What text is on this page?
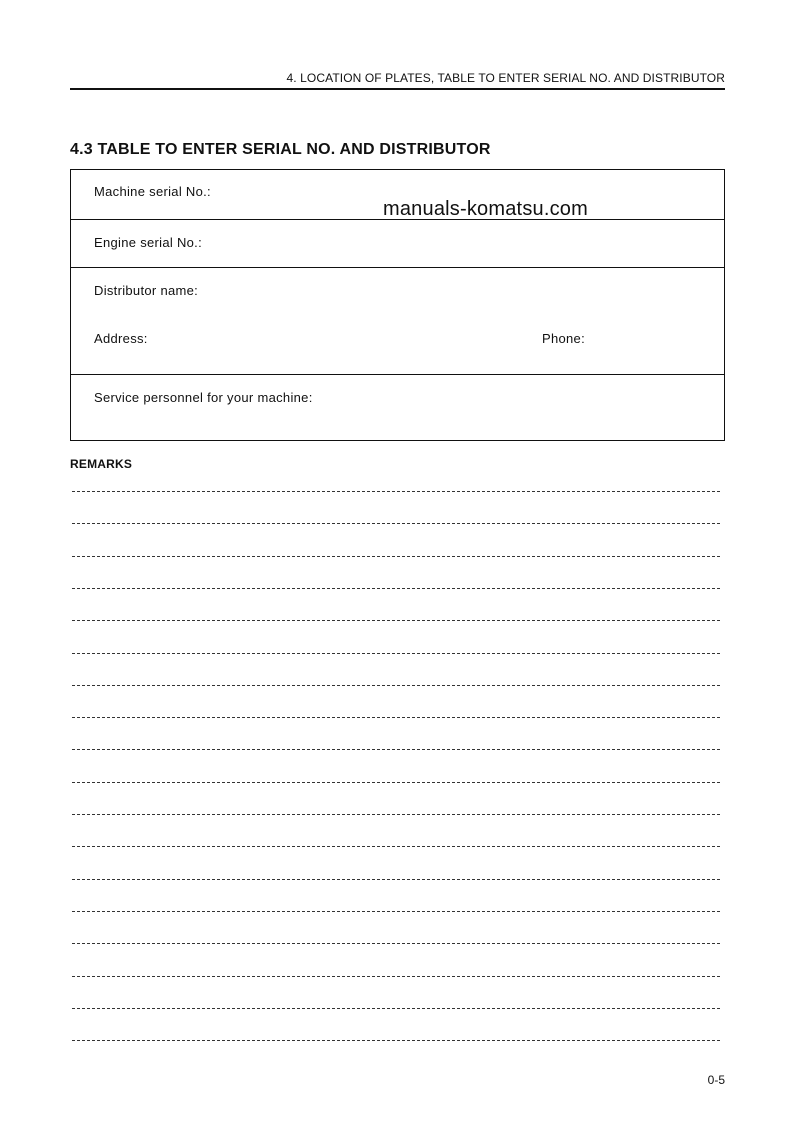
4. LOCATION OF PLATES, TABLE TO ENTER SERIAL NO. AND DISTRIBUTOR
4.3 TABLE TO ENTER SERIAL NO. AND DISTRIBUTOR
Machine serial No.:
Engine serial No.:
Distributor name:
Address:	Phone:
Service personnel for your machine:
manuals-komatsu.com
REMARKS
0-5
